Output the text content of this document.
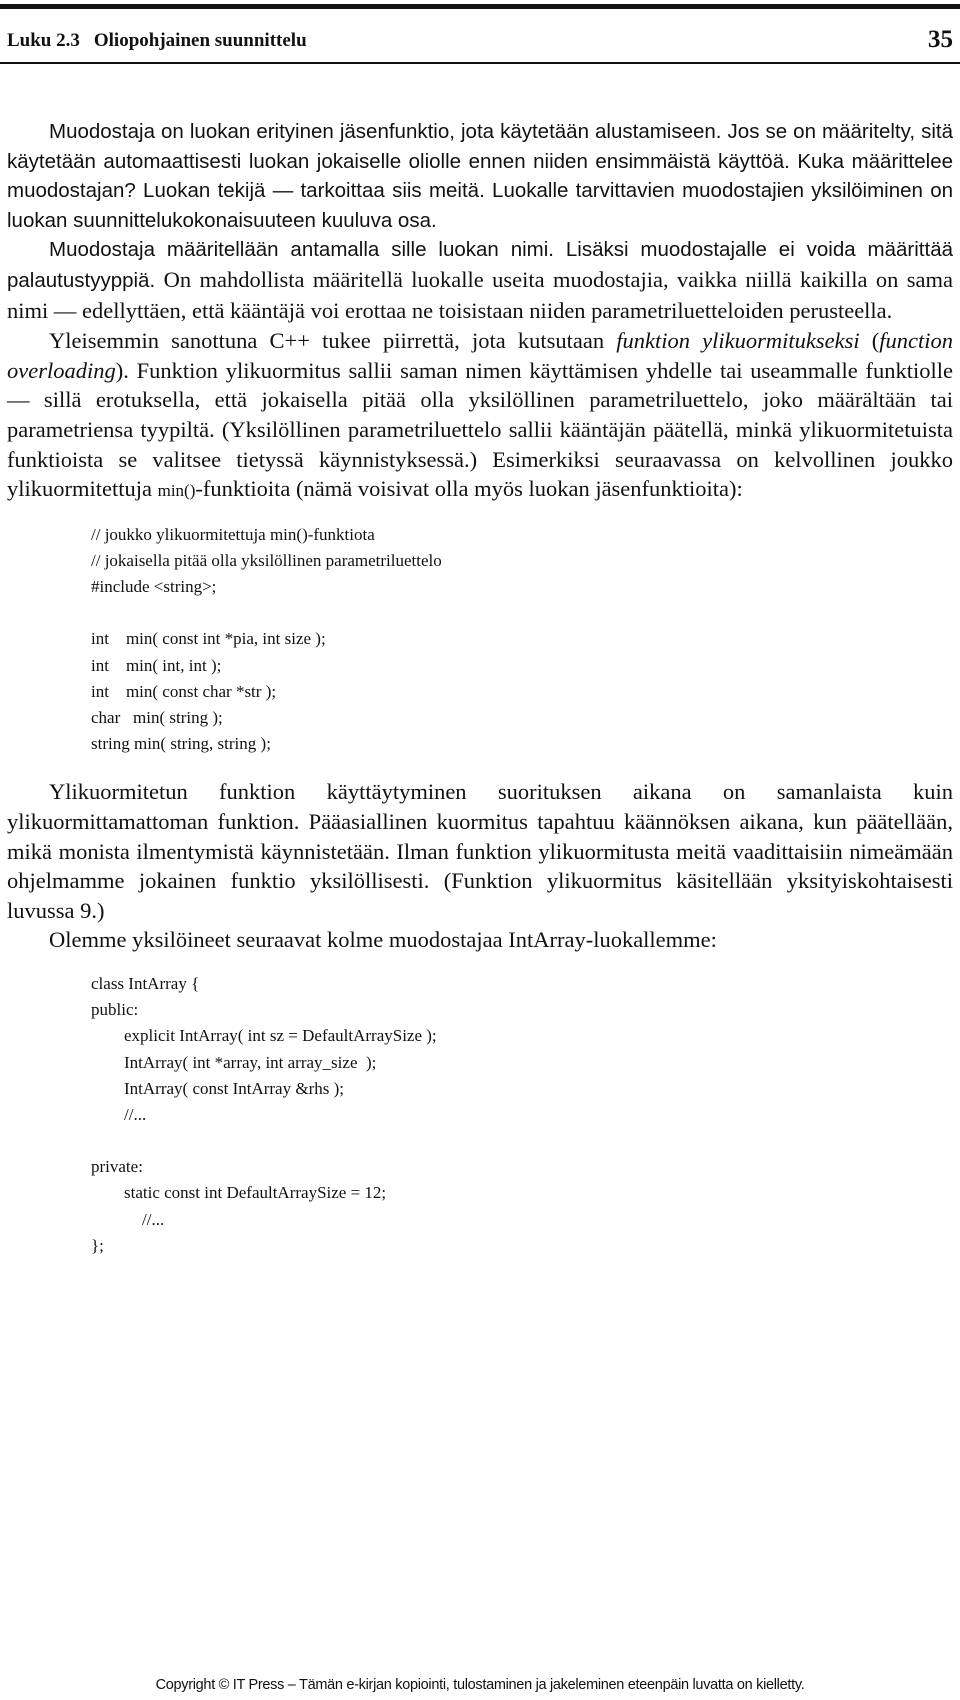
Luku 2.3 Oliopohjainen suunnittelu	35

Muodostaja on luokan erityinen jäsenfunktio, jota käytetään alustamiseen. Jos se on määritelty, sitä käytetään automaattisesti luokan jokaiselle oliolle ennen niiden ensimmäistä käyttöä. Kuka määrittelee muodostajan? Luokan tekijä — tarkoittaa siis meitä. Luokalle tarvittavien muodostajien yksilöiminen on luokan suunnittelukokonaisuuteen kuuluva osa.

Muodostaja määritellään antamalla sille luokan nimi. Lisäksi muodostajalle ei voida määrittää palautustyyppiä. On mahdollista määritellä luokalle useita muodostajia, vaikka niillä kaikilla on sama nimi — edellyttäen, että kääntäjä voi erottaa ne toisistaan niiden parametriluetteloiden perusteella.

Yleisemmin sanottuna C++ tukee piirrettä, jota kutsutaan funktion ylikuormitukseksi (function overloading). Funktion ylikuormitus sallii saman nimen käyttämisen yhdelle tai useammalle funktiolle — sillä erotuksella, että jokaisella pitää olla yksilöllinen parametriluettelo, joko määrältään tai parametriensa tyypiltä. (Yksilöllinen parametriluettelo sallii kääntäjän päätellä, minkä ylikuormitetuista funktioista se valitsee tietyssä käynnistyksessä.) Esimerkiksi seuraavassa on kelvollinen joukko ylikuormitettuja min()-funktioita (nämä voisivat olla myös luokan jäsenfunktioita):

// joukko ylikuormitettuja min()-funktiota
// jokaisella pitää olla yksilöllinen parametriluettelo
#include <string>;
int    min( const int *pia, int size );
int    min( int, int );
int    min( const char *str );
char   min( string );
string min( string, string );

Ylikuormitetun funktion käyttäytyminen suorituksen aikana on samanlaista kuin ylikuormittamattoman funktion. Pääasiallinen kuormitus tapahtuu käännöksen aikana, kun päätellään, mikä monista ilmentymistä käynnistetään. Ilman funktion ylikuormitusta meitä vaadittaisiin nimeämään ohjelmamme jokainen funktio yksilöllisesti. (Funktion ylikuormitus käsitellään yksityiskohtaisesti luvussa 9.)

Olemme yksilöineet seuraavat kolme muodostajaa IntArray-luokallemme:

class IntArray {
public:
explicit IntArray( int sz = DefaultArraySize );
IntArray( int *array, int array_size  );
IntArray( const IntArray &rhs );
//...
private:
static const int DefaultArraySize = 12;
//...
};
Copyright © IT Press – Tämän e-kirjan kopiointi, tulostaminen ja jakeleminen eteenpäin luvatta on kielletty.
